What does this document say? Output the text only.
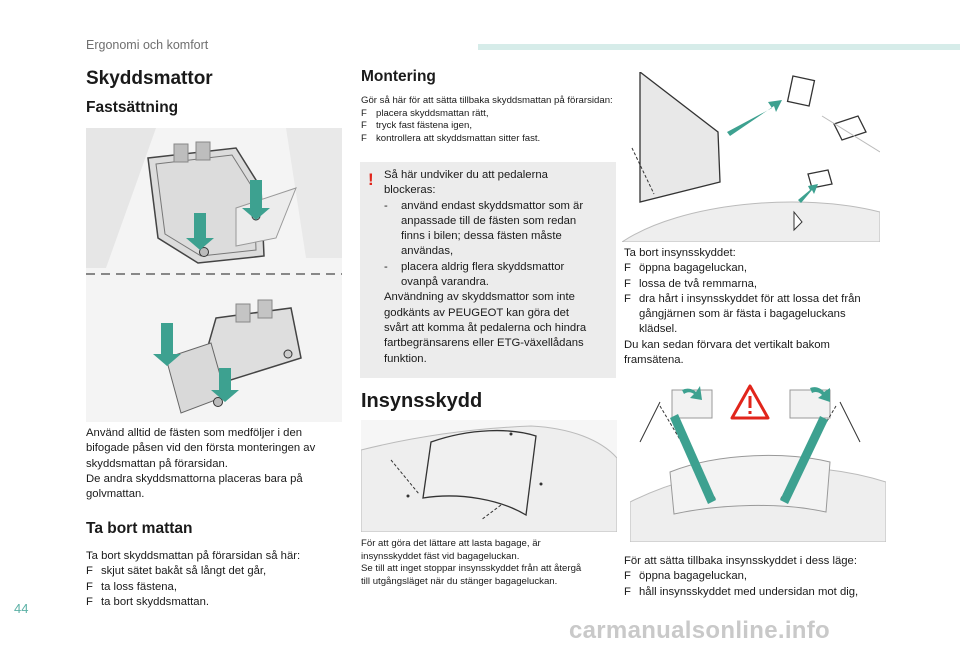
Ergonomi och komfort
Skyddsmattor
Fastsättning
Använd alltid de fästen som medföljer i den
bifogade påsen vid den första monteringen av
skyddsmattan på förarsidan.
De andra skyddsmattorna placeras bara på
golvmattan.
Ta bort mattan
Ta bort skyddsmattan på förarsidan så här:
F skjut sätet bakåt så långt det går,
F ta loss fästena,
F ta bort skyddsmattan.
Montering
Gör så här för att sätta tillbaka skyddsmattan på förarsidan:
F placera skyddsmattan rätt,
F tryck fast fästena igen,
F kontrollera att skyddsmattan sitter fast.
! Så här undviker du att pedalerna
blockeras:
- använd endast skyddsmattor som är
anpassade till de fästen som redan
finns i bilen; dessa fästen måste
användas,
- placera aldrig flera skyddsmattor
ovanpå varandra.
Användning av skyddsmattor som inte
godkänts av PEUGEOT kan göra det
svårt att komma åt pedalerna och hindra
fartbegränsarens eller ETG-växellådans
funktion.
Insynsskydd
För att göra det lättare att lasta bagage, är
insynsskyddet fäst vid bagageluckan.
Se till att inget stoppar insynsskyddet från att återgå
till utgångsläget när du stänger bagageluckan.
Ta bort insynsskyddet:
F öppna bagageluckan,
F lossa de två remmarna,
F dra hårt i insynsskyddet för att lossa det från
gångjärnen som är fästa i bagageluckans
klädsel.
Du kan sedan förvara det vertikalt bakom
framsätena.
För att sätta tillbaka insynsskyddet i dess läge:
F öppna bagageluckan,
F håll insynsskyddet med undersidan mot dig,
44
carmanualsonline.info
